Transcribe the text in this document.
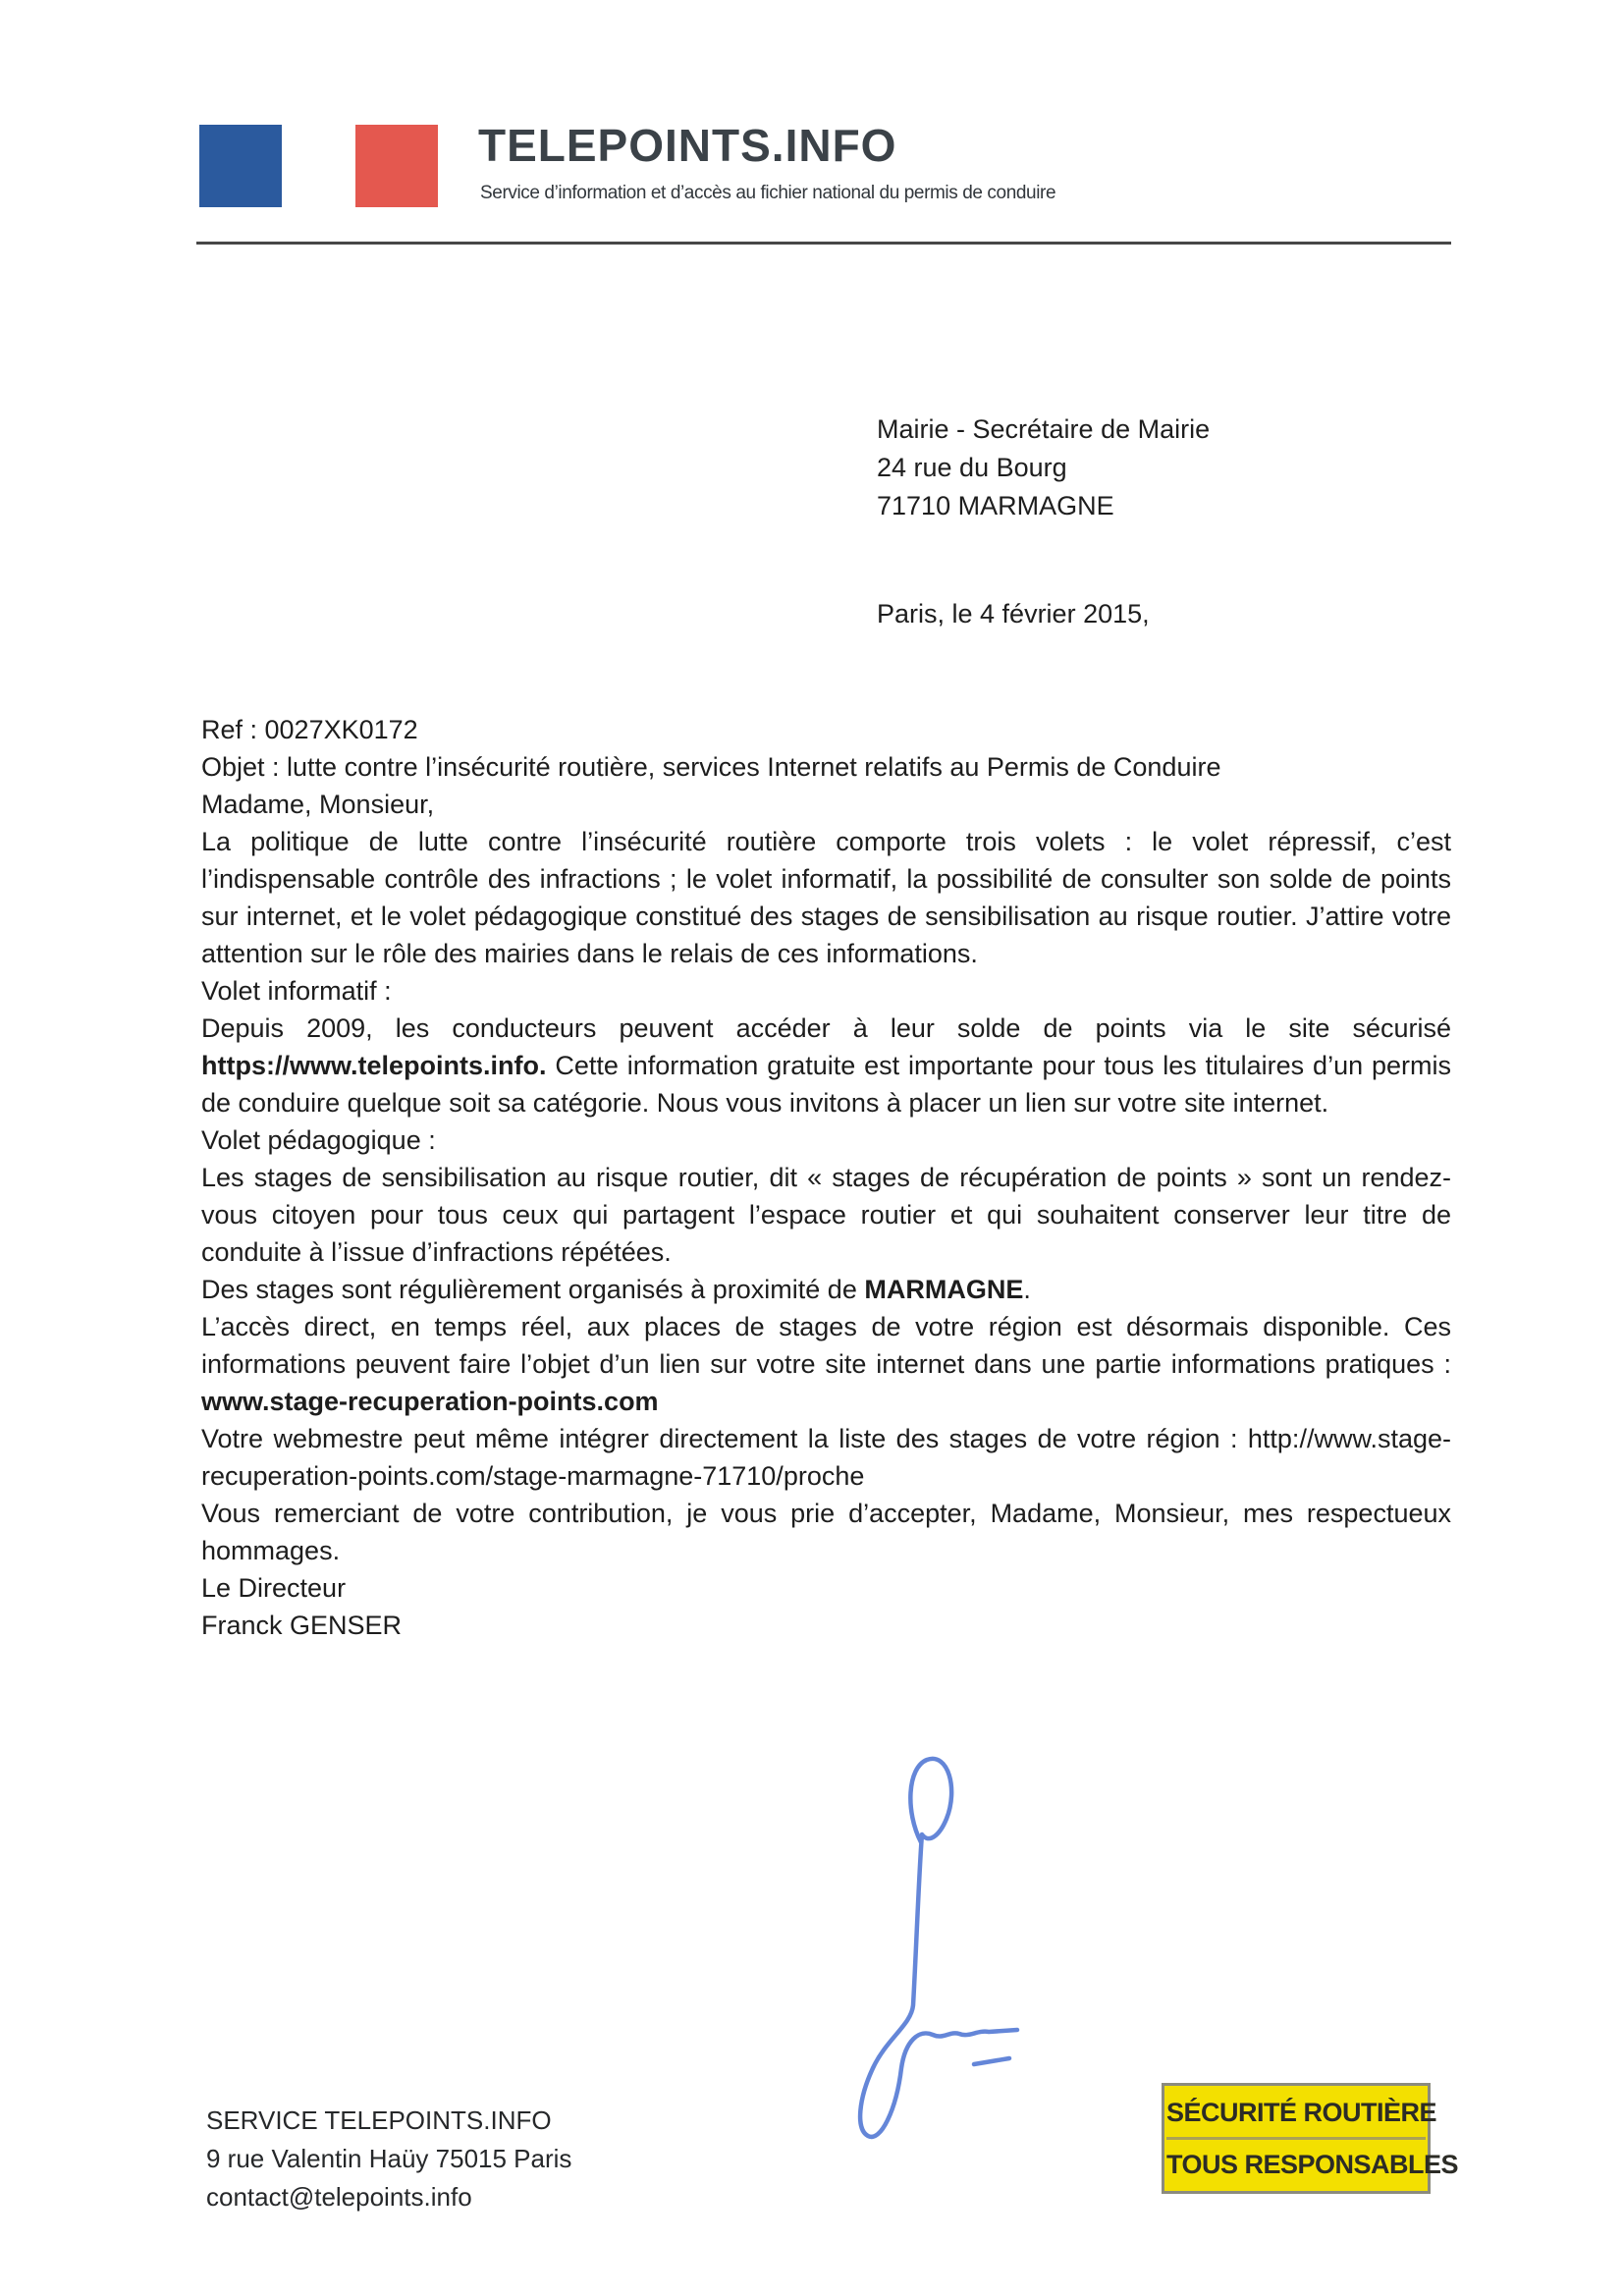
TELEPOINTS.INFO
Service d’information et d’accès au fichier national du permis de conduire
Mairie - Secrétaire de Mairie
24 rue du Bourg
71710 MARMAGNE
Paris, le 4 février 2015,

Ref : 0027XK0172

Objet : lutte contre l’insécurité routière, services Internet relatifs au Permis de Conduire

Madame, Monsieur,

La politique de lutte contre l’insécurité routière comporte trois volets : le volet répressif, c’est l’indispensable contrôle des infractions ; le volet informatif, la possibilité de consulter son solde de points sur internet, et le volet pédagogique constitué des stages de sensibilisation au risque routier. J’attire votre attention sur le rôle des mairies dans le relais de ces informations.

Volet informatif :

Depuis 2009, les conducteurs peuvent accéder à leur solde de points via le site sécurisé https://www.telepoints.info. Cette information gratuite est importante pour tous les titulaires d’un permis de conduire quelque soit sa catégorie. Nous vous invitons à placer un lien sur votre site internet.

Volet pédagogique :

Les stages de sensibilisation au risque routier, dit « stages de récupération de points » sont un rendez-vous citoyen pour tous ceux qui partagent l’espace routier et qui souhaitent conserver leur titre de conduite à l’issue d’infractions répétées.

Des stages sont régulièrement organisés à proximité de MARMAGNE.

L’accès direct, en temps réel, aux places de stages de votre région est désormais disponible. Ces informations peuvent faire l’objet d’un lien sur votre site internet dans une partie informations pratiques : www.stage-recuperation-points.com

Votre webmestre peut même intégrer directement la liste des stages de votre région : http://www.stage-recuperation-points.com/stage-marmagne-71710/proche

Vous remerciant de votre contribution, je vous prie d’accepter, Madame, Monsieur, mes respectueux hommages.

Le Directeur

Franck GENSER

SERVICE TELEPOINTS.INFO
9 rue Valentin Haüy 75015 Paris
contact@telepoints.info
SÉCURITÉ ROUTIÈRE
TOUS RESPONSABLES
